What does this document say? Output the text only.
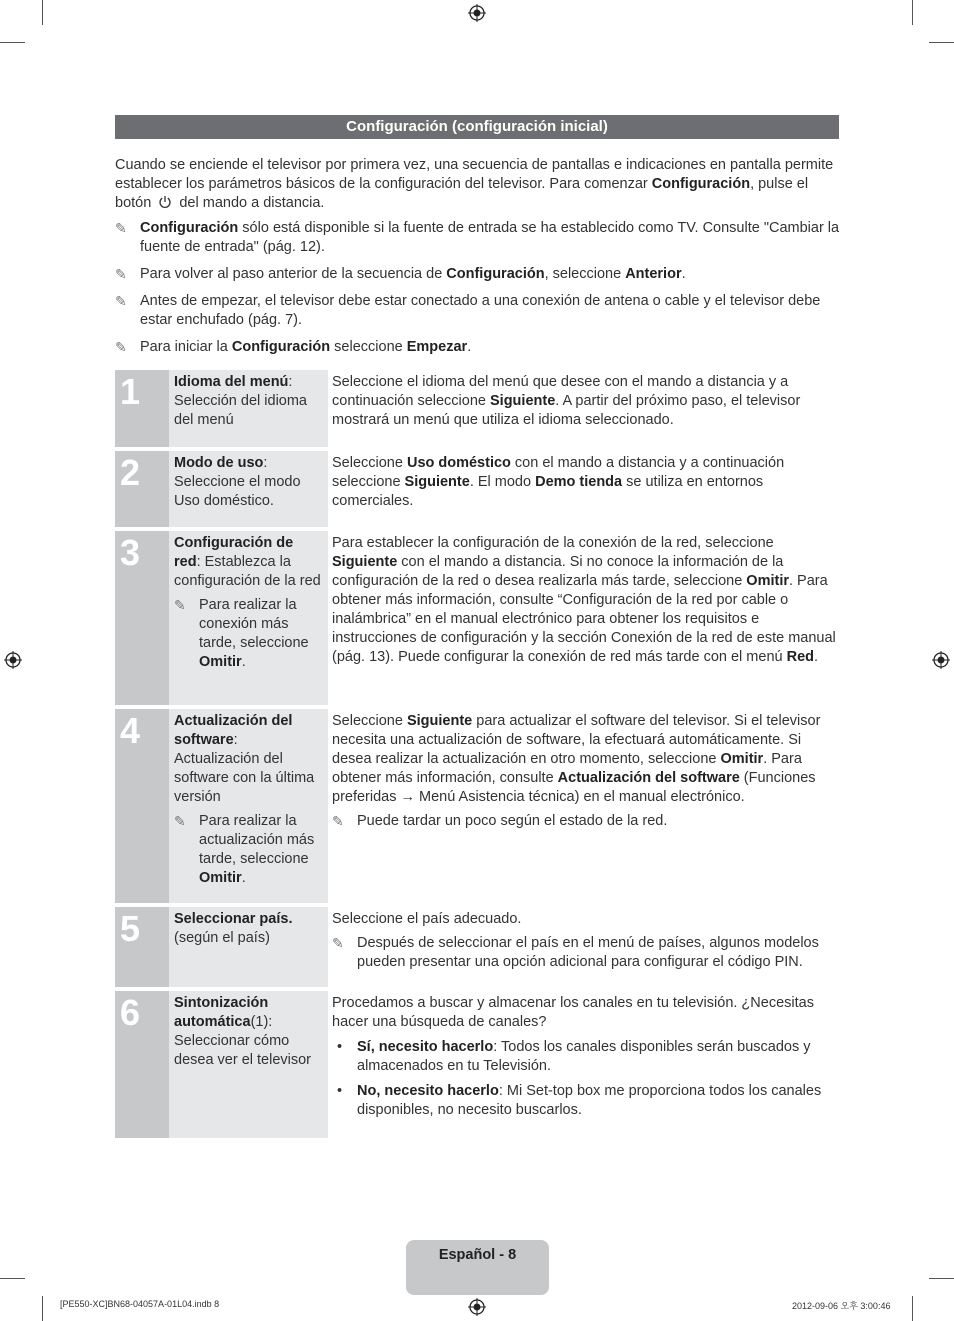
Configuración (configuración inicial)
Cuando se enciende el televisor por primera vez, una secuencia de pantallas e indicaciones en pantalla permite establecer los parámetros básicos de la configuración del televisor. Para comenzar Configuración, pulse el botón
del mando a distancia.
✎ Configuración sólo está disponible si la fuente de entrada se ha establecido como TV. Consulte "Cambiar la fuente de entrada" (pág. 12).
✎ Para volver al paso anterior de la secuencia de Configuración, seleccione Anterior.
✎ Antes de empezar, el televisor debe estar conectado a una conexión de antena o cable y el televisor debe estar enchufado (pág. 7).
✎ Para iniciar la Configuración seleccione Empezar.
1	Idioma del menú: Selección del idioma del menú
Seleccione el idioma del menú que desee con el mando a distancia y a continuación seleccione Siguiente. A partir del próximo paso, el televisor mostrará un menú que utiliza el idioma seleccionado.
2	Modo de uso: Seleccione el modo Uso doméstico.
Seleccione Uso doméstico con el mando a distancia y a continuación seleccione Siguiente. El modo Demo tienda se utiliza en entornos comerciales.
3	Configuración de red: Establezca la configuración de la red
✎ Para realizar la conexión más tarde, seleccione Omitir.
Para establecer la configuración de la conexión de la red, seleccione Siguiente con el mando a distancia. Si no conoce la información de la configuración de la red o desea realizarla más tarde, seleccione Omitir. Para obtener más información, consulte “Configuración de la red por cable o inalámbrica” en el manual electrónico para obtener los requisitos e instrucciones de configuración y la sección Conexión de la red de este manual (pág. 13). Puede configurar la conexión de red más tarde con el menú Red.
4	Actualización del software: Actualización del software con la última versión
✎ Para realizar la actualización más tarde, seleccione Omitir.
Seleccione Siguiente para actualizar el software del televisor. Si el televisor necesita una actualización de software, la efectuará automáticamente. Si desea realizar la actualización en otro momento, seleccione Omitir. Para obtener más información, consulte Actualización del software (Funciones preferidas → Menú Asistencia técnica) en el manual electrónico.
✎ Puede tardar un poco según el estado de la red.
5	Seleccionar país.
(según el país)
Seleccione el país adecuado.
✎ Después de seleccionar el país en el menú de países, algunos modelos pueden presentar una opción adicional para configurar el código PIN.
6	Sintonización automática(1): Seleccionar cómo desea ver el televisor
Procedamos a buscar y almacenar los canales en tu televisión. ¿Necesitas hacer una búsqueda de canales?
•	Sí, necesito hacerlo: Todos los canales disponibles serán buscados y almacenados en tu Televisión.
•	No, necesito hacerlo: Mi Set-top box me proporciona todos los canales disponibles, no necesito buscarlos.
Español - 8
[PE550-XC]BN68-04057A-01L04.indb 8	2012-09-06 오후 3:00:46
